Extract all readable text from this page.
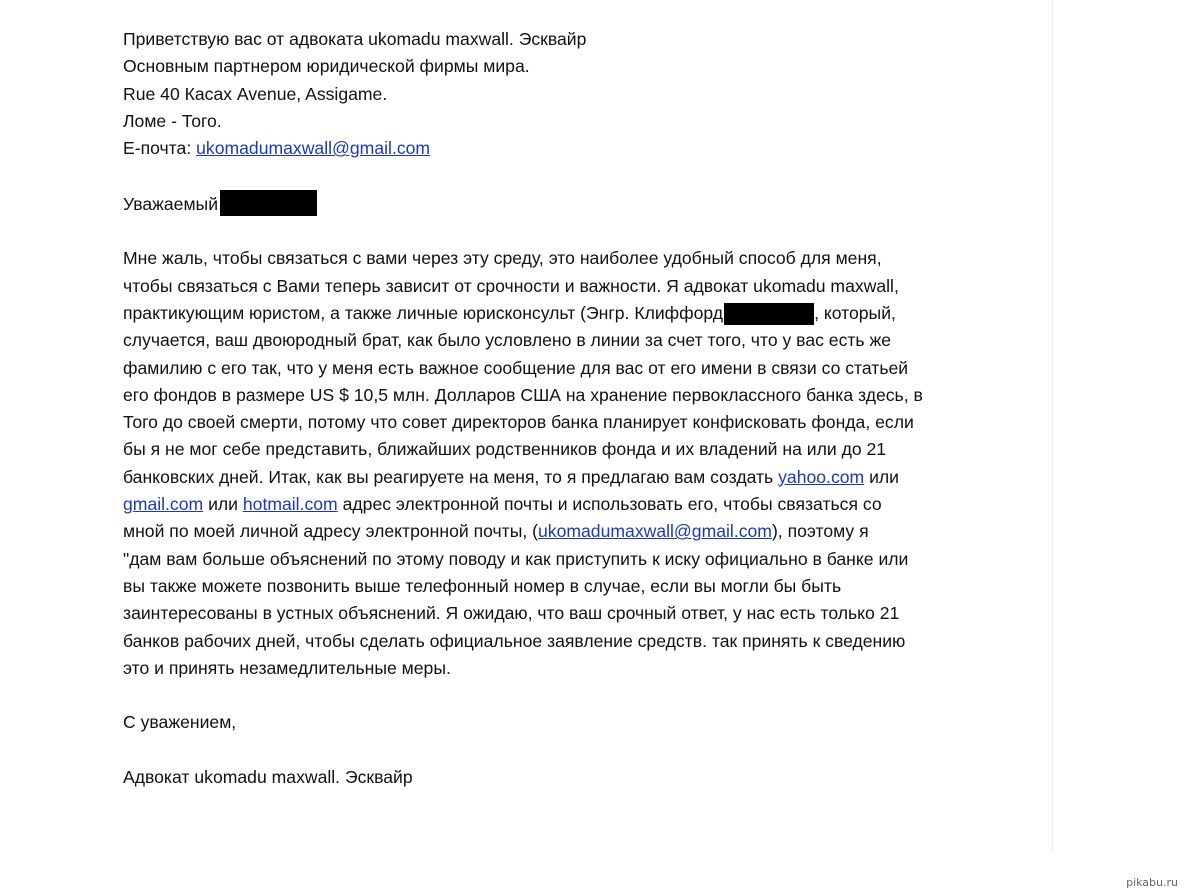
Приветствую вас от адвоката ukomadu maxwall. Эсквайр
Основным партнером юридической фирмы мира.
Rue 40 Касах Avenue, Assigame.
Ломе - Того.
Е-почта: ukomadumaxwall@gmail.com
Уважаемый
Мне жаль, чтобы связаться с вами через эту среду, это наиболее удобный способ для меня,
чтобы связаться с Вами теперь зависит от срочности и важности. Я адвокат ukomadu maxwall,
практикующим юристом, а также личные юрисконсульт (Энгр. Клиффорд	, который,
случается, ваш двоюродный брат, как было условлено в линии за счет того, что у вас есть же
фамилию с его так, что у меня есть важное сообщение для вас от его имени в связи со статьей
его фондов в размере US $ 10,5 млн. Долларов США на хранение первоклассного банка здесь, в
Того до своей смерти, потому что совет директоров банка планирует конфисковать фонда, если
бы я не мог себе представить, ближайших родственников фонда и их владений на или до 21
банковских дней. Итак, как вы реагируете на меня, то я предлагаю вам создать yahoo.com или
gmail.com или hotmail.com адрес электронной почты и использовать его, чтобы связаться со
мной по моей личной адресу электронной почты, (ukomadumaxwall@gmail.com), поэтому я
"дам вам больше объяснений по этому поводу и как приступить к иску официально в банке или
вы также можете позвонить выше телефонный номер в случае, если вы могли бы быть
заинтересованы в устных объяснений. Я ожидаю, что ваш срочный ответ, у нас есть только 21
банков рабочих дней, чтобы сделать официальное заявление средств. так принять к сведению
это и принять незамедлительные меры.
С уважением,
Адвокат ukomadu maxwall. Эсквайр
pikabu.ru
